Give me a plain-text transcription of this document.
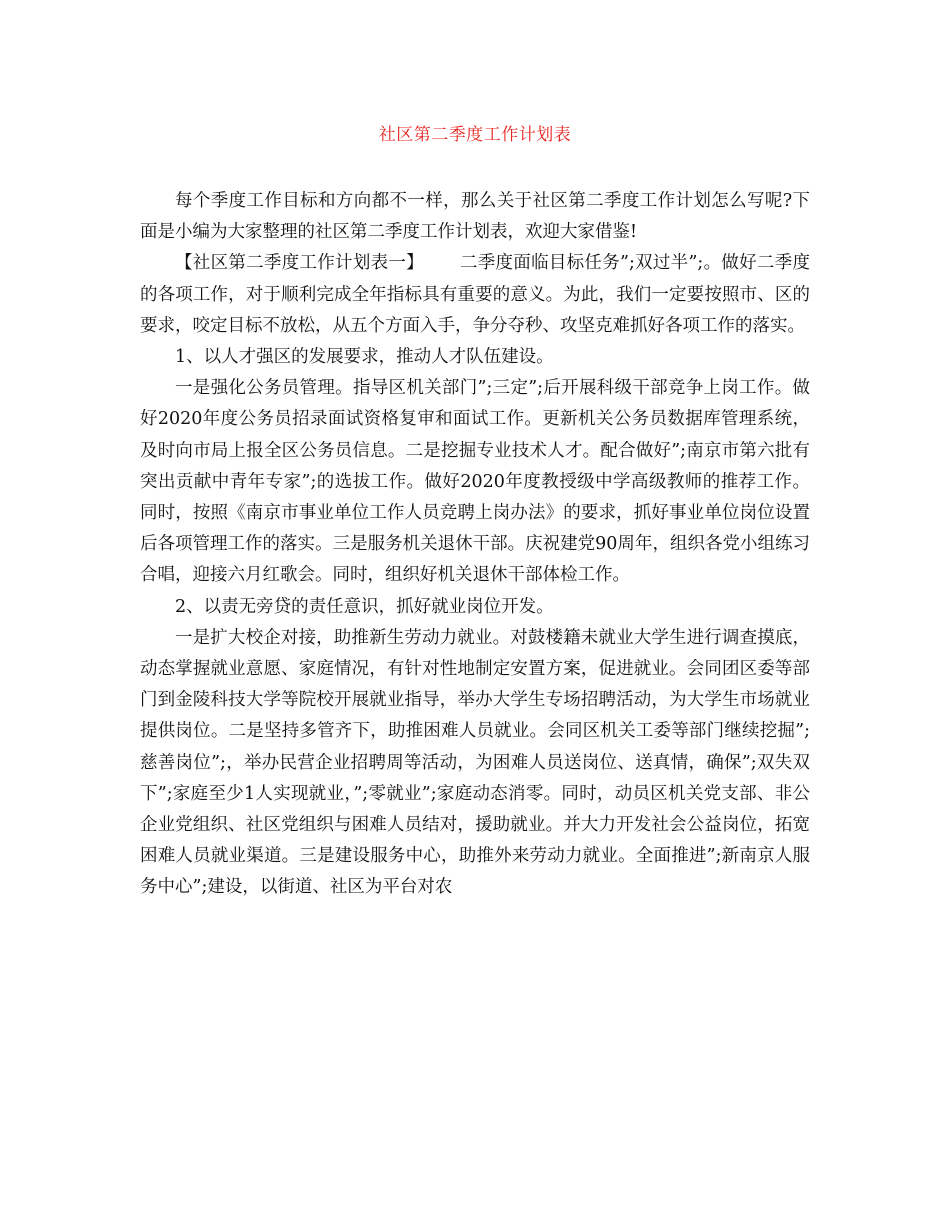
社区第二季度工作计划表

每个季度工作目标和方向都不一样，那么关于社区第二季度工作计划怎么写呢?下面是小编为大家整理的社区第二季度工作计划表，欢迎大家借鉴!

【社区第二季度工作计划表一】 二季度面临目标任务”;双过半”;。做好二季度的各项工作，对于顺利完成全年指标具有重要的意义。为此，我们一定要按照市、区的要求，咬定目标不放松，从五个方面入手，争分夺秒、攻坚克难抓好各项工作的落实。

1、以人才强区的发展要求，推动人才队伍建设。

一是强化公务员管理。指导区机关部门”;三定”;后开展科级干部竞争上岗工作。做好2020年度公务员招录面试资格复审和面试工作。更新机关公务员数据库管理系统，及时向市局上报全区公务员信息。二是挖掘专业技术人才。配合做好”;南京市第六批有突出贡献中青年专家”;的选拔工作。做好2020年度教授级中学高级教师的推荐工作。同时，按照《南京市事业单位工作人员竞聘上岗办法》的要求，抓好事业单位岗位设置后各项管理工作的落实。三是服务机关退休干部。庆祝建党90周年，组织各党小组练习合唱，迎接六月红歌会。同时，组织好机关退休干部体检工作。

2、以责无旁贷的责任意识，抓好就业岗位开发。

一是扩大校企对接，助推新生劳动力就业。对鼓楼籍未就业大学生进行调查摸底，动态掌握就业意愿、家庭情况，有针对性地制定安置方案，促进就业。会同团区委等部门到金陵科技大学等院校开展就业指导，举办大学生专场招聘活动，为大学生市场就业提供岗位。二是坚持多管齐下，助推困难人员就业。会同区机关工委等部门继续挖掘”;慈善岗位”;，举办民营企业招聘周等活动，为困难人员送岗位、送真情，确保”;双失双下”;家庭至少1人实现就业，”;零就业”;家庭动态消零。同时，动员区机关党支部、非公企业党组织、社区党组织与困难人员结对，援助就业。并大力开发社会公益岗位，拓宽困难人员就业渠道。三是建设服务中心，助推外来劳动力就业。全面推进”;新南京人服务中心”;建设，以街道、社区为平台对农
